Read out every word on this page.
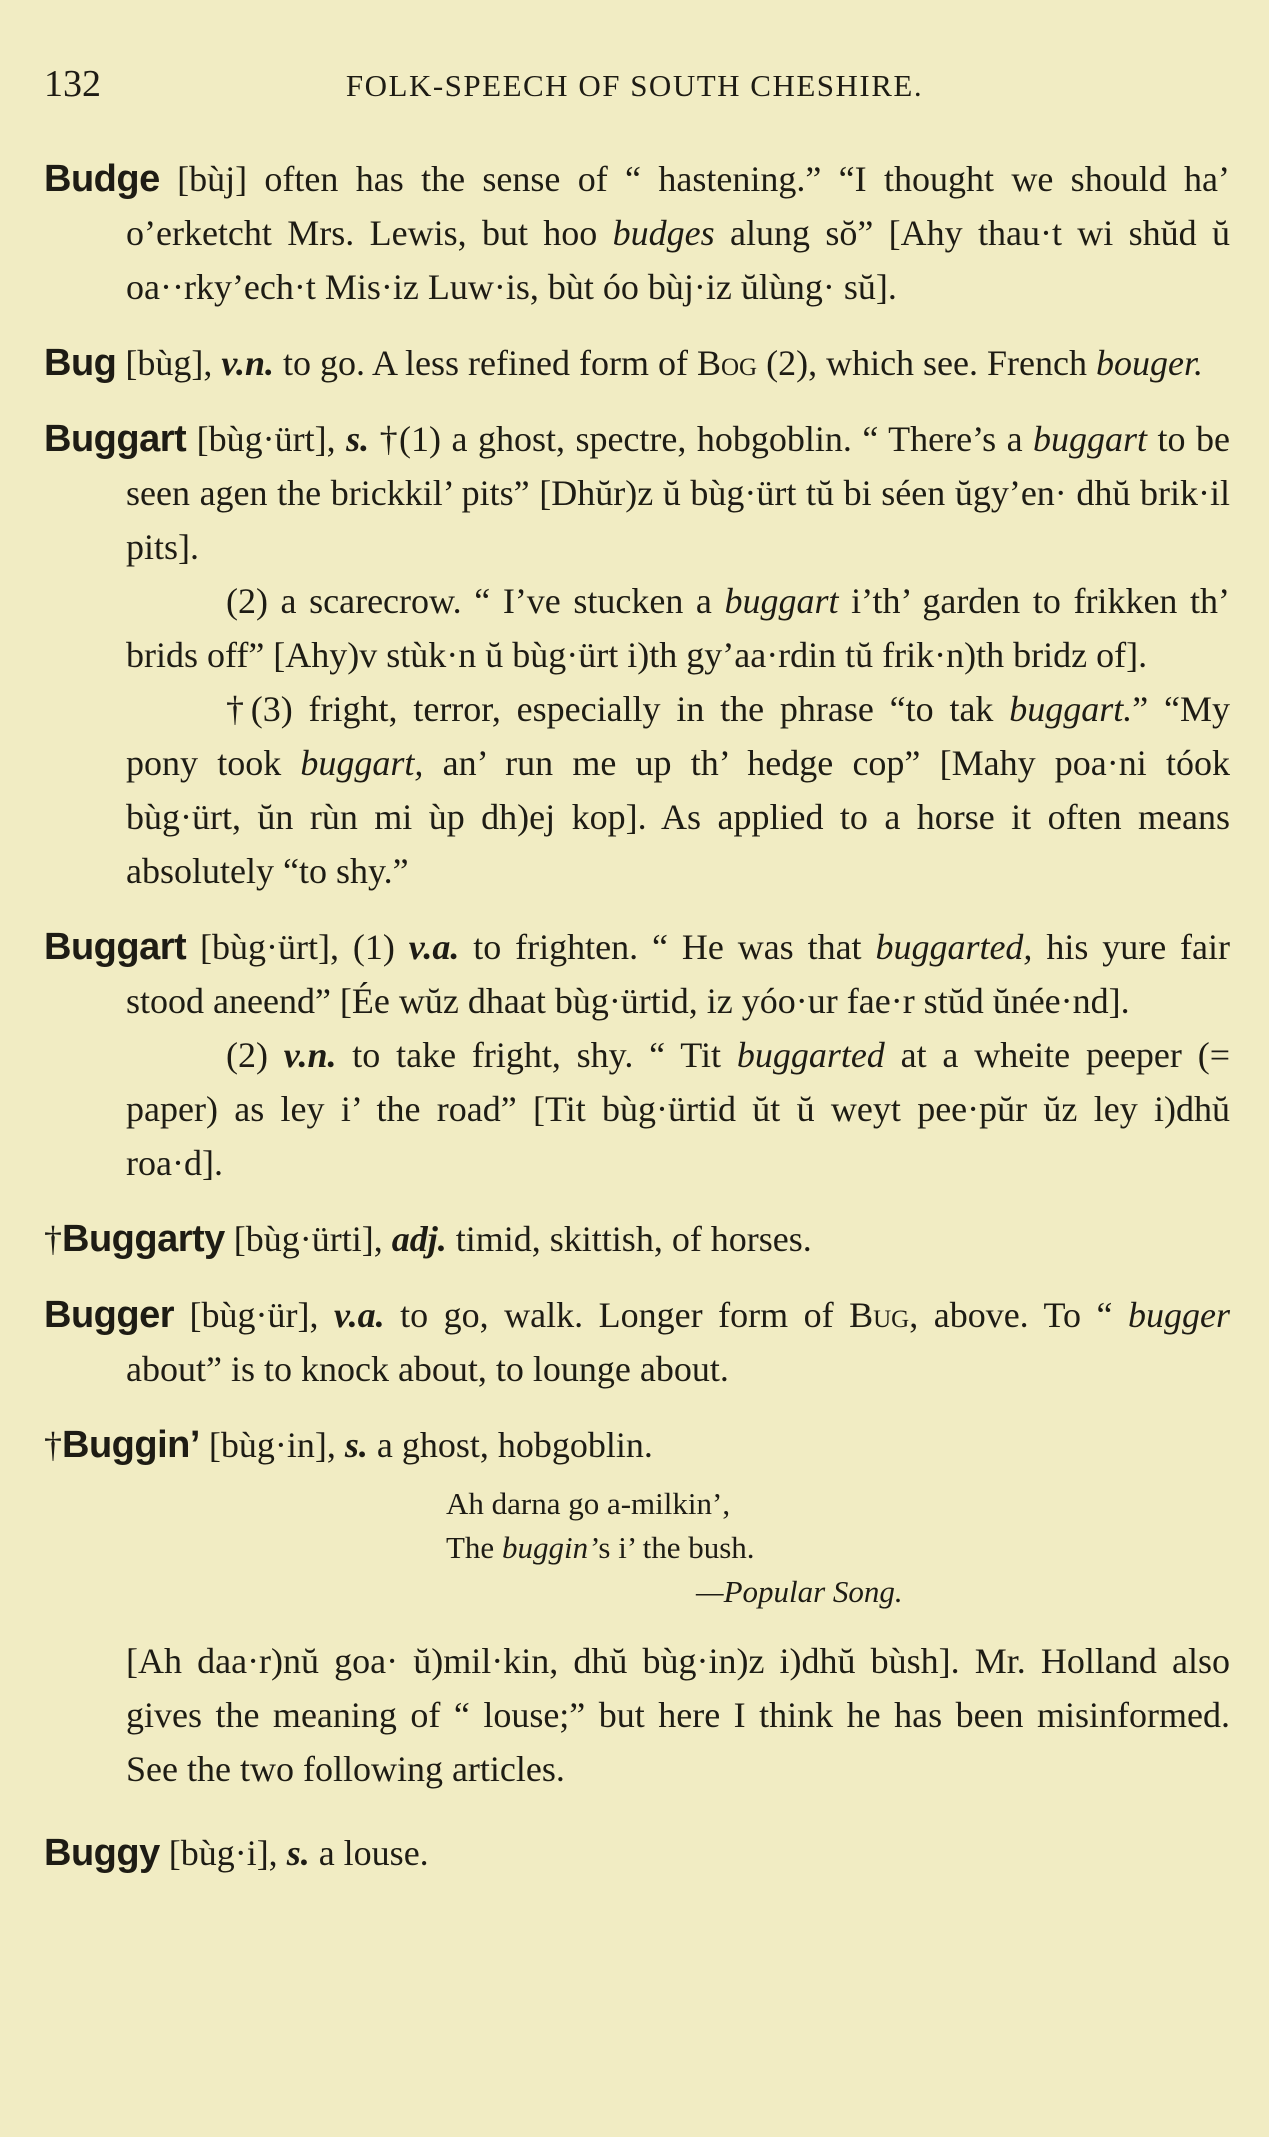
132	FOLK-SPEECH OF SOUTH CHESHIRE.

Budge [bùj] often has the sense of “ hastening.” “I thought we should ha’ o’erketcht Mrs. Lewis, but hoo budges alung sŏ” [Ahy thau·t wi shŭd ŭ oa··rky’ech·t Mis·iz Luw·is, bùt óo bùj·iz ŭlùng· sŭ].

Bug [bùg], v.n. to go. A less refined form of Bog (2), which see. French bouger.

Buggart [bùg·ürt], s. †(1) a ghost, spectre, hobgoblin. “ There’s a buggart to be seen agen the brickkil’ pits” [Dhŭr)z ŭ bùg·ürt tŭ bi séen ŭgy’en· dhŭ brik·il pits].

(2) a scarecrow. “ I’ve stucken a buggart i’th’ garden to frikken th’ brids off” [Ahy)v stùk·n ŭ bùg·ürt i)th gy’aa·rdin tŭ frik·n)th bridz of].

†(3) fright, terror, especially in the phrase “to tak buggart.” “My pony took buggart, an’ run me up th’ hedge cop” [Mahy poa·ni tóok bùg·ürt, ŭn rùn mi ùp dh)ej kop]. As applied to a horse it often means absolutely “to shy.”

Buggart [bùg·ürt], (1) v.a. to frighten. “ He was that buggarted, his yure fair stood aneend” [Ée wŭz dhaat bùg·ürtid, iz yóo·ur fae·r stŭd ŭnée·nd].

(2) v.n. to take fright, shy. “ Tit buggarted at a wheite peeper (= paper) as ley i’ the road” [Tit bùg·ürtid ŭt ŭ weyt pee·pŭr ŭz ley i)dhŭ roa·d].

†Buggarty [bùg·ürti], adj. timid, skittish, of horses.

Bugger [bùg·ür], v.a. to go, walk. Longer form of Bug, above. To “ bugger about” is to knock about, to lounge about.

†Buggin’ [bùg·in], s. a ghost, hobgoblin.

Ah darna go a-milkin’,
The buggin’s i’ the bush.
—Popular Song.

[Ah daa·r)nŭ goa· ŭ)mil·kin, dhŭ bùg·in)z i)dhŭ bùsh]. Mr. Holland also gives the meaning of “ louse;” but here I think he has been misinformed. See the two following articles.

Buggy [bùg·i], s. a louse.
